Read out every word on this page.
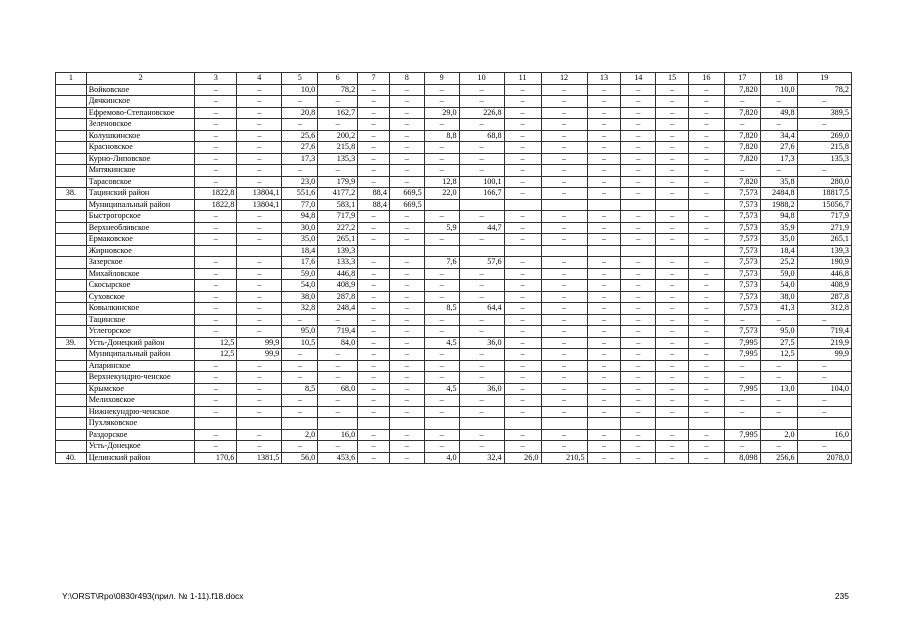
1	2	3	4	5	6	7	8	9	10	11	12	13	14	15	16	17	18	19
	Войковское	–	–	10,0	78,2	–	–	–	–	–	–	–	–	–	–	7,820	10,0	78,2
	Дячкинское	–	–	–	–	–	–	–	–	–	–	–	–	–	–	–	–	–
	Ефремово-Степановское	–	–	20,8	162,7	–	–	29,0	226,8	–	–	–	–	–	–	7,820	49,8	389,5
	Зеленовское	–	–	–	–	–	–	–	–	–	–	–	–	–	–	–	–	–
	Колушкинское	–	–	25,6	200,2	–	–	8,8	68,8	–	–	–	–	–	–	7,820	34,4	269,0
	Красновское	–	–	27,6	215,8	–	–	–	–	–	–	–	–	–	–	7,820	27,6	215,8
	Курно-Липовское	–	–	17,3	135,3	–	–	–	–	–	–	–	–	–	–	7,820	17,3	135,3
	Митякинское	–	–	–	–	–	–	–	–	–	–	–	–	–	–	–	–	–
	Тарасовское	–	–	23,0	179,9	–	–	12,8	100,1	–	–	–	–	–	–	7,820	35,8	280,0
38.	Тацинский район	1822,8	13804,1	551,6	4177,2	88,4	669,5	22,0	166,7	–	–	–	–	–	–	7,573	2484,8	18817,5
	Муниципальный район	1822,8	13804,1	77,0	583,1	88,4	669,5									7,573	1988,2	15056,7
	Быстрогорское	–	–	94,8	717,9	–	–	–	–	–	–	–	–	–	–	7,573	94,8	717,9
	Верхнеобливское	–	–	30,0	227,2	–	–	5,9	44,7	–	–	–	–	–	–	7,573	35,9	271,9
	Ермаковское	–	–	35,0	265,1	–	–	–	–	–	–	–	–	–	–	7,573	35,0	265,1
	Жирновское			18,4	139,3											7,573	18,4	139,3
	Зазерское	–	–	17,6	133,3	–	–	7,6	57,6	–	–	–	–	–	–	7,573	25,2	190,9
	Михайловское	–	–	59,0	446,8	–	–	–	–	–	–	–	–	–	–	7,573	59,0	446,8
	Скосырское	–	–	54,0	408,9	–	–	–	–	–	–	–	–	–	–	7,573	54,0	408,9
	Суховское	–	–	38,0	287,8	–	–	–	–	–	–	–	–	–	–	7,573	38,0	287,8
	Ковылкинское	–	–	32,8	248,4	–	–	8,5	64,4	–	–	–	–	–	–	7,573	41,3	312,8
	Тацинское	–	–	–	–	–	–	–	–	–	–	–	–	–	–	–	–	–
	Углегорское	–	–	95,0	719,4	–	–	–	–	–	–	–	–	–	–	7,573	95,0	719,4
39.	Усть-Донецкий район	12,5	99,9	10,5	84,0	–	–	4,5	36,0	–	–	–	–	–	–	7,995	27,5	219,9
	Муниципальный район	12,5	99,9	–	–	–	–	–	–	–	–	–	–	–	–	7,995	12,5	99,9
	Апаринское	–	–	–	–	–	–	–	–	–	–	–	–	–	–	–	–	–
	Верхнекундрю-ченское	–	–	–	–	–	–	–	–	–	–	–	–	–	–	–	–	–
	Крымское	–	–	8,5	68,0	–	–	4,5	36,0	–	–	–	–	–	–	7,995	13,0	104,0
	Мелиховское	–	–	–	–	–	–	–	–	–	–	–	–	–	–	–	–	–
	Нижнекундрю-ченское	–	–	–	–	–	–	–	–	–	–	–	–	–	–	–	–	–
	Пухляковское																	
	Раздорское	–	–	2,0	16,0	–	–	–	–	–	–	–	–	–	–	7,995	2,0	16,0
	Усть-Донецкое	–	–	–	–	–	–	–	–	–	–	–	–	–	–	–	–	–
40.	Целинский район	170,6	1381,5	56,0	453,6	–	–	4,0	32,4	26,0	210,5	–	–	–	–	8,098	256,6	2078,0
Y:\ORST\Rpo\0830r493(прил. № 1-11).f18.docx	235
